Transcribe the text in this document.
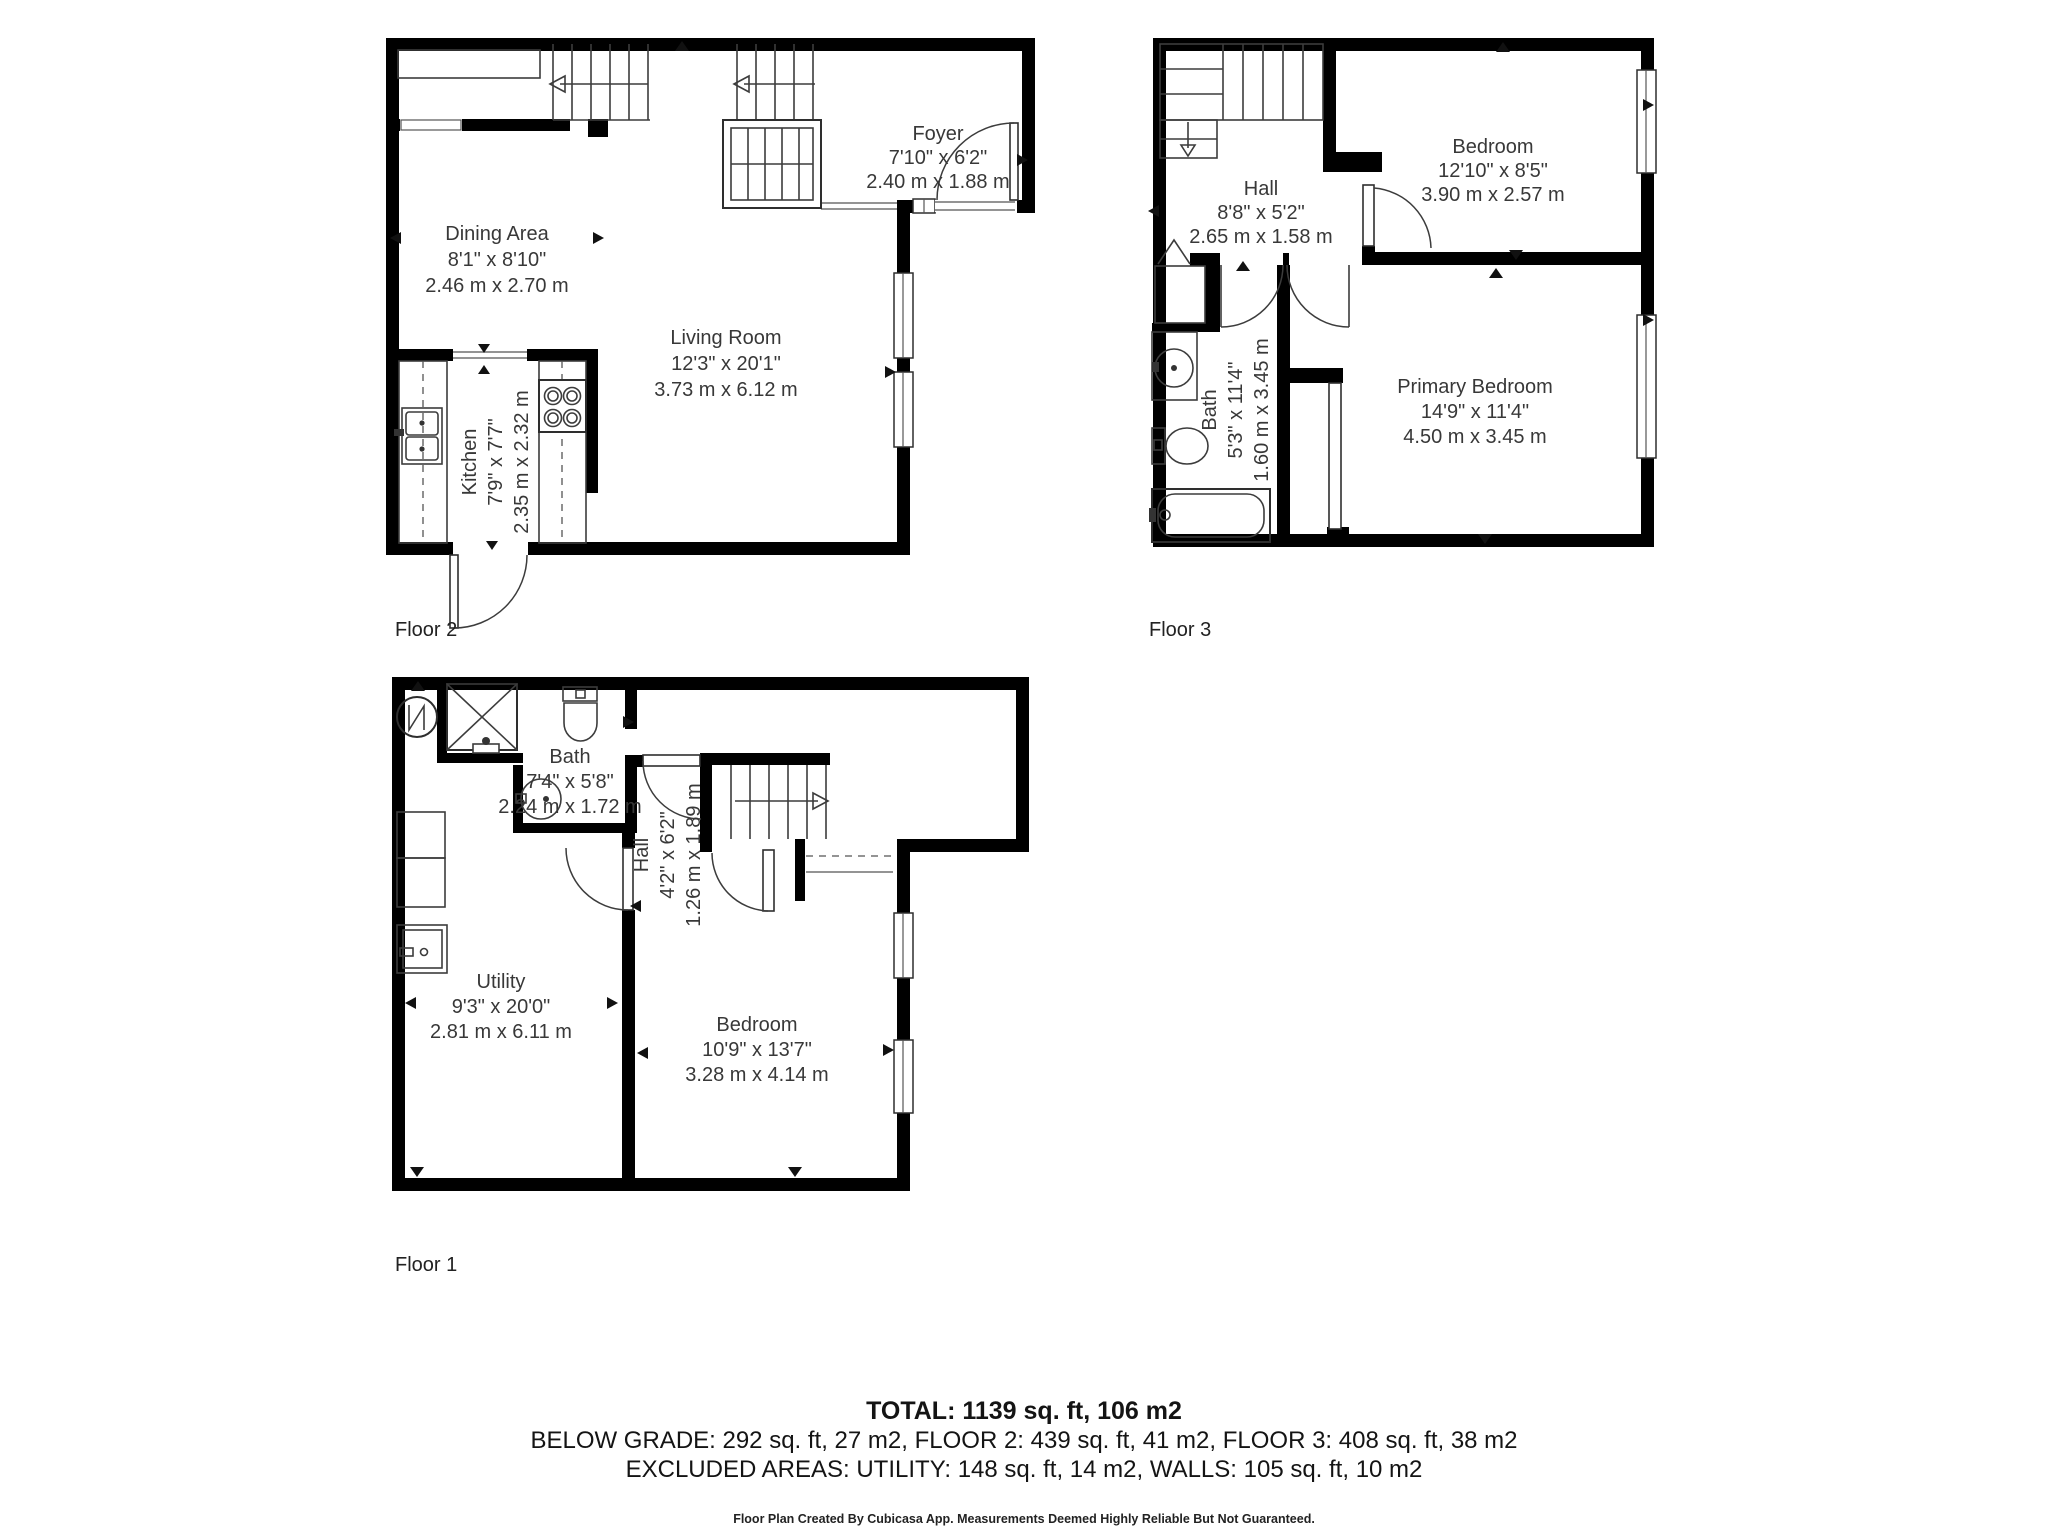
Dining Area
8'1" x 8'10"
2.46 m x 2.70 m
Living Room
12'3" x 20'1"
3.73 m x 6.12 m
Foyer
7'10" x 6'2"
2.40 m x 1.88 m
Kitchen 7'9" x 7'7" 2.35 m x 2.32 m
Floor 2
Hall
8'8" x 5'2"
2.65 m x 1.58 m
Bedroom
12'10" x 8'5"
3.90 m x 2.57 m
Bath 5'3" x 11'4" 1.60 m x 3.45 m	Primary Bedroom
14'9" x 11'4"
4.50 m x 3.45 m
Floor 3
Bath
7'4" x 5'8"
2.24 m x 1.72 m
Hall 4'2" x 6'2" 1.26 m x 1.89 m
Utility
9'3" x 20'0"
2.81 m x 6.11 m	Bedroom
10'9" x 13'7"
3.28 m x 4.14 m
Floor 1
TOTAL: 1139 sq. ft, 106 m2
BELOW GRADE: 292 sq. ft, 27 m2, FLOOR 2: 439 sq. ft, 41 m2, FLOOR 3: 408 sq. ft, 38 m2
EXCLUDED AREAS: UTILITY: 148 sq. ft, 14 m2, WALLS: 105 sq. ft, 10 m2
Floor Plan Created By Cubicasa App. Measurements Deemed Highly Reliable But Not Guaranteed.
